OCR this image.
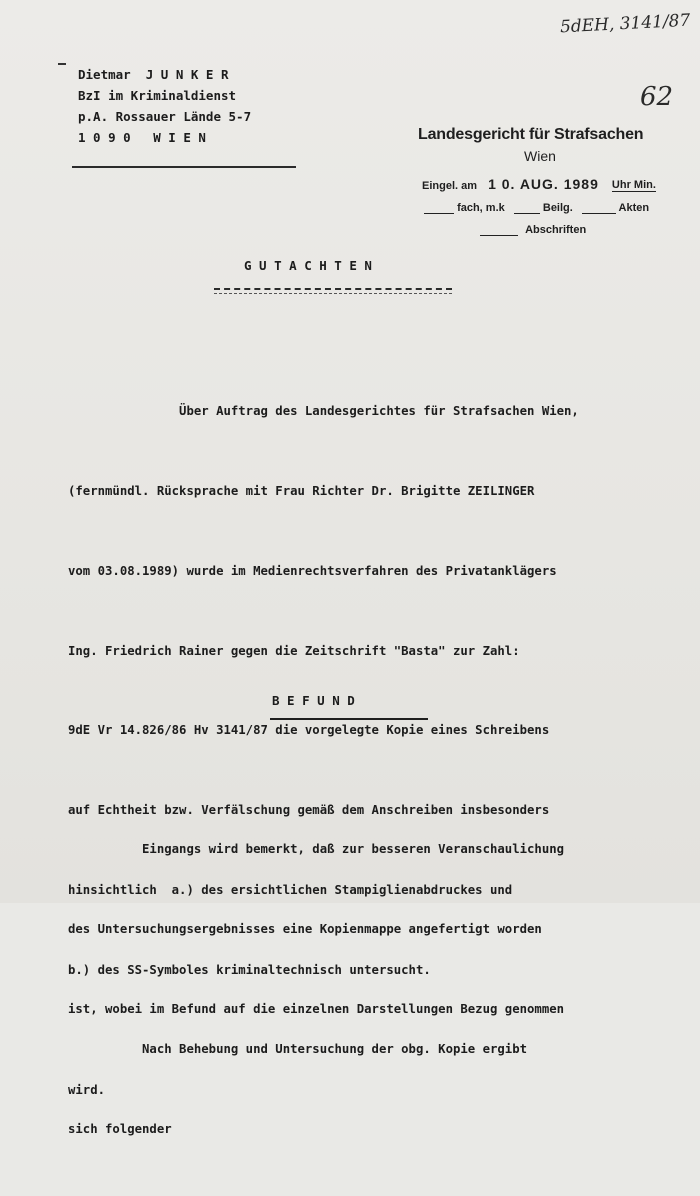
5dEH, 3141/87
62
Dietmar  J U N K E R
BzI im Kriminaldienst
p.A. Rossauer Lände 5-7
1 0 9 0   W I E N	Landesgericht für Strafsachen
Wien
Eingel. am 1 0. AUG. 1989 Uhr Min.
fach, m.k	Beilg.	Akten
Abschriften
G U T A C H T E N

Über Auftrag des Landesgerichtes für Strafsachen Wien,

(fernmündl. Rücksprache mit Frau Richter Dr. Brigitte ZEILINGER

vom 03.08.1989) wurde im Medienrechtsverfahren des Privatanklägers

Ing. Friedrich Rainer gegen die Zeitschrift "Basta" zur Zahl:

9dE Vr 14.826/86 Hv 3141/87 die vorgelegte Kopie eines Schreibens

auf Echtheit bzw. Verfälschung gemäß dem Anschreiben insbesonders

hinsichtlich  a.) des ersichtlichen Stampiglienabdruckes und

b.) des SS-Symboles kriminaltechnisch untersucht.

Nach Behebung und Untersuchung der obg. Kopie ergibt

sich folgender

B E F U N D

Eingangs wird bemerkt, daß zur besseren Veranschaulichung

des Untersuchungsergebnisses eine Kopienmappe angefertigt worden

ist, wobei im Befund auf die einzelnen Darstellungen Bezug genommen

wird.
